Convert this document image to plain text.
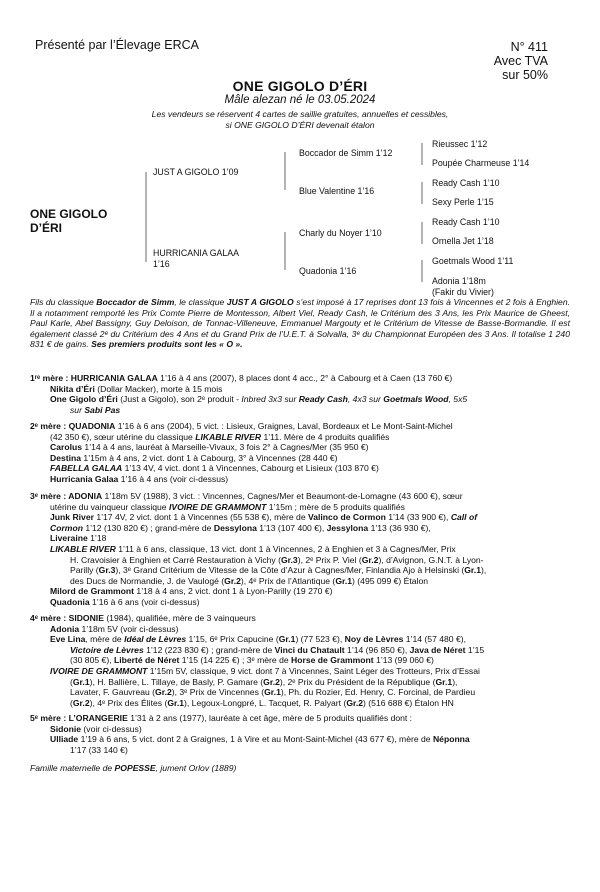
Présenté par l’Élevage ERCA	N° 411
Avec TVA
sur 50%
ONE GIGOLO D’ÉRI
Mâle alezan né le 03.05.2024
Les vendeurs se réservent 4 cartes de saillie gratuites, annuelles et cessibles,
si ONE GIGOLO D’ÉRI devenait étalon
ONE GIGOLO
D’ÉRI
JUST A GIGOLO 1’09
HURRICANIA GALAA
1’16
Boccador de Simm 1’12
Blue Valentine 1’16
Charly du Noyer 1’10
Quadonia 1’16
Rieussec 1’12
Poupée Charmeuse 1’14
Ready Cash 1’10
Sexy Perle 1’15
Ready Cash 1’10
Ornella Jet 1’18
Goetmals Wood 1’11
Adonia 1’18m
(Fakir du Vivier)
Fils du classique Boccador de Simm, le classique JUST A GIGOLO s’est imposé à 17 reprises dont 13 fois à Vincennes et 2 fois à Enghien. Il a notamment remporté les Prix Comte Pierre de Montesson, Albert Viel, Ready Cash, le Critérium des 3 Ans, les Prix Maurice de Gheest, Paul Karle, Abel Bassigny, Guy Deloison, de Tonnac-Villeneuve, Emmanuel Margouty et le Critérium de Vitesse de Basse-Bormandie. Il est également classé 2ᵉ du Critérium des 4 Ans et du Grand Prix de l’U.E.T. à Solvalla, 3ᵉ du Championnat Européen des 3 Ans. Il totalise 1 240 831 € de gains. Ses premiers produits sont les « O ».

1ʳᵉ mère : HURRICANIA GALAA 1’16 à 4 ans (2007), 8 places dont 4 acc., 2° à Cabourg et à Caen (13 760 €)

Nikita d’Éri (Dollar Macker), morte à 15 mois

One Gigolo d’Éri (Just a Gigolo), son 2ᵉ produit - Inbred 3x3 sur Ready Cash, 4x3 sur Goetmals Wood, 5x5

sur Sabi Pas

2ᵉ mère : QUADONIA 1’16 à 6 ans (2004), 5 vict. : Lisieux, Graignes, Laval, Bordeaux et Le Mont-Saint-Michel

(42 350 €), sœur utérine du classique LIKABLE RIVER 1’11. Mère de 4 produits qualifiés

Carolus 1’14 à 4 ans, lauréat à Marseille-Vivaux, 3 fois 2° à Cagnes/Mer (35 950 €)

Destina 1’15m à 4 ans, 2 vict. dont 1 à Cabourg, 3° à Vincennes (28 440 €)

FABELLA GALAA 1’13 4V, 4 vict. dont 1 à Vincennes, Cabourg et Lisieux (103 870 €)

Hurricania Galaa 1’16 à 4 ans (voir ci-dessus)

3ᵉ mère : ADONIA 1’18m 5V (1988), 3 vict. : Vincennes, Cagnes/Mer et Beaumont-de-Lomagne (43 600 €), sœur

utérine du vainqueur classique IVOIRE DE GRAMMONT 1’15m ; mère de 5 produits qualifiés

Junk River 1’17 4V, 2 vict. dont 1 à Vincennes (55 538 €), mère de Valinco de Cormon 1’14 (33 900 €), Call of

Cormon 1’12 (130 820 €) ; grand-mère de Dessylona 1’13 (107 400 €), Jessylona 1’13 (36 930 €),

Liveraine 1’18

LIKABLE RIVER 1’11 à 6 ans, classique, 13 vict. dont 1 à Vincennes, 2 à Enghien et 3 à Cagnes/Mer, Prix

H. Cravoisier à Enghien et Carré Restauration à Vichy (Gr.3), 2ᵉ Prix P. Viel (Gr.2), d’Avignon, G.N.T. à Lyon-

Parilly (Gr.3), 3ᵉ Grand Critérium de Vitesse de la Côte d’Azur à Cagnes/Mer, Finlandia Ajo à Helsinski (Gr.1),

des Ducs de Normandie, J. de Vaulogé (Gr.2), 4ᵉ Prix de l’Atlantique (Gr.1) (495 099 €) Étalon

Milord de Grammont 1’18 à 4 ans, 2 vict. dont 1 à Lyon-Parilly (19 270 €)

Quadonia 1’16 à 6 ans (voir ci-dessus)

4ᵉ mère : SIDONIE (1984), qualifiée, mère de 3 vainqueurs

Adonia 1’18m 5V (voir ci-dessus)

Eve Lina, mère de Idéal de Lèvres 1’15, 6ᵉ Prix Capucine (Gr.1) (77 523 €), Noy de Lèvres 1’14 (57 480 €),

Victoire de Lèvres 1’12 (223 830 €) ; grand-mère de Vinci du Chatault 1’14 (96 850 €), Java de Néret 1’15

(30 805 €), Liberté de Néret 1’15 (14 225 €) ; 3ᵉ mère de Horse de Grammont 1’13 (99 060 €)

IVOIRE DE GRAMMONT 1’15m 5V, classique, 9 vict. dont 7 à Vincennes, Saint Léger des Trotteurs, Prix d’Essai

(Gr.1), H. Ballière, L. Tillaye, de Basly, P. Gamare (Gr.2), 2ᵉ Prix du Président de la République (Gr.1),

Lavater, F. Gauvreau (Gr.2), 3ᵉ Prix de Vincennes (Gr.1), Ph. du Rozier, Ed. Henry, C. Forcinal, de Pardieu

(Gr.2), 4ᵉ Prix des Élites (Gr.1), Legoux-Longpré, L. Tacquet, R. Palyart (Gr.2) (516 688 €) Étalon HN

5ᵉ mère : L’ORANGERIE 1’31 à 2 ans (1977), lauréate à cet âge, mère de 5 produits qualifiés dont :

Sidonie (voir ci-dessus)

Ulliade 1’19 à 6 ans, 5 vict. dont 2 à Graignes, 1 à Vire et au Mont-Saint-Michel (43 677 €), mère de Néponna

1’17 (33 140 €)

Famille maternelle de POPESSE, jument Orlov (1889)
